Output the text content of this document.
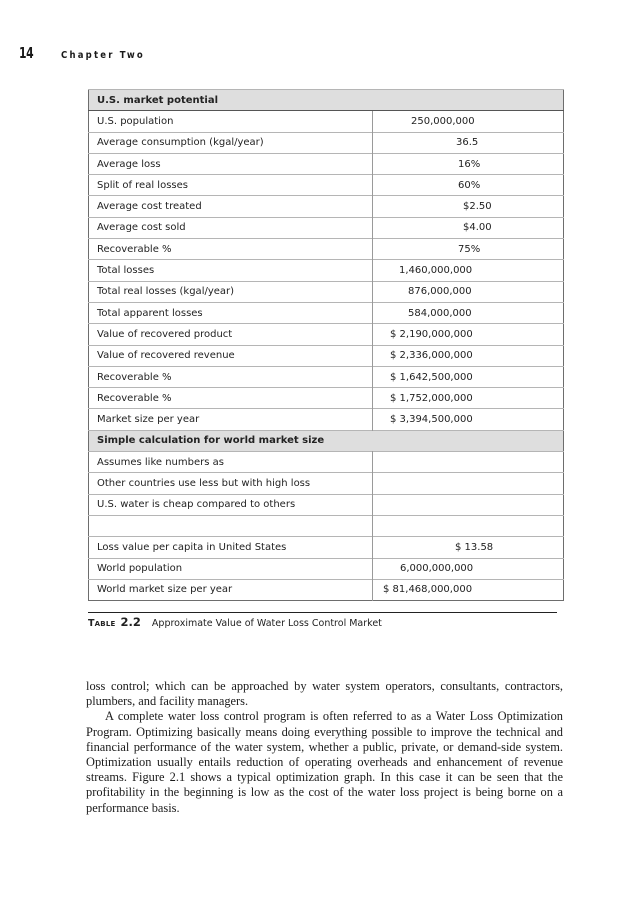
14	Chapter Two
U.S. market potential	
U.S. population	250,000,000
Average consumption (kgal/year)	36.5
Average loss	16%
Split of real losses	60%
Average cost treated	$2.50
Average cost sold	$4.00
Recoverable %	75%
Total losses	1,460,000,000
Total real losses (kgal/year)	876,000,000
Total apparent losses	584,000,000
Value of recovered product	$ 2,190,000,000
Value of recovered revenue	$ 2,336,000,000
Recoverable %	$ 1,642,500,000
Recoverable %	$ 1,752,000,000
Market size per year	$ 3,394,500,000
Simple calculation for world market size	
Assumes like numbers as	
Other countries use less but with high loss	
U.S. water is cheap compared to others	

Loss value per capita in United States	$ 13.58
World population	6,000,000,000
World market size per year	$ 81,468,000,000
Table 2.2 Approximate Value of Water Loss Control Market

loss control; which can be approached by water system operators, consultants, contractors, plumbers, and facility managers.

A complete water loss control program is often referred to as a Water Loss Optimization Program. Optimizing basically means doing everything possible to improve the technical and financial performance of the water system, whether a public, private, or demand-side system. Optimization usually entails reduction of operating overheads and enhancement of revenue streams. Figure 2.1 shows a typical optimization graph. In this case it can be seen that the profitability in the beginning is low as the cost of the water loss project is being borne on a performance basis.
